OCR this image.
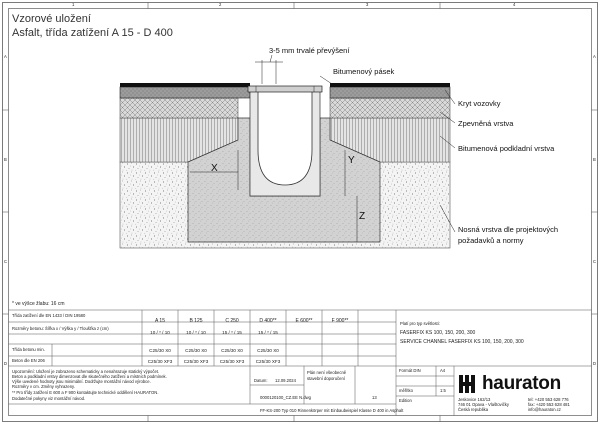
1	2	3	4
A
B
C
D
A
B
C
D
Vzorové uložení
Asfalt, třída zatížení A 15 - D 400
3-5 mm trvalé převýšení
Bitumenový pásek
Kryt vozovky
Zpevněná vrstva
Bitumenová podkladní vrstva
Nosná vrstva dle projektových
požadavků a normy
X
Y
Z
* ve výšce žlabu: 16 cm
Třída zatížení dle EN 1433 / DIN 19580
A 15	B 125	C 250	D 400**	E 600**	F 900**
Rozměry betonu: Šířka x / Výška y / Tloušťka z (cm)
10 / * / 10	10 / * / 10	15 / * / 15	15 / * / 15
Třída betonu min.
Beton dle EN 206
C25/30 X0	C25/30 X0	C25/30 X0	C25/30 X0
C25/30 XF3	C25/30 XF3	C25/30 XF3	C25/30 XF3
Upozornění: Uložení je zobrazeno schematicky a nenahrazuje statický výpočet.
Beton a podkladní vrstvy dimenzovat dle skutečného zatížení a místních podmínek.
Výše uvedené hodnoty jsou minimální. Dodržujte montážní návod výrobce.
Rozměry v cm. Změny vyhrazeny.
** Pro třídy zatížení E 600 a F 900 kontaktujte technické oddělení HAURATON.
Dodatečné pokyny viz montážní návod.
Platí pro typ světlosti:
FASERFIX KS 100, 150, 200, 300
SERVICE CHANNEL FASERFIX KS 100, 150, 200, 300
Datum: 12.09.2024
Plán není všeobecně
stavební doporučení
0000120100_CZ.EE N.dwg	13
Formát DIN	A4
měřítko	1:5
Edition
FF-KS-200 Typ 010 Rinnenkörper mit Einbaubeispiel Klasse D 400 in Asphalt
hauraton
Jeskovice 162/13
746 01 Opava - Vlaštovičky
Česká republika
tel: +420 553 628 776
fax: +420 553 628 481
info@hauraton.cz
